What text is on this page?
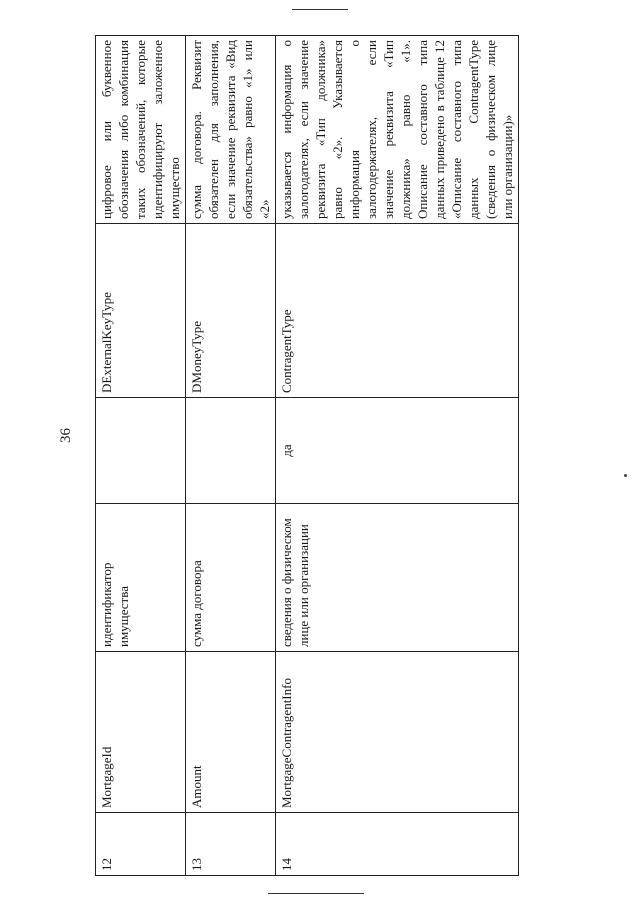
36
12	MortgageId	идентификатор имущества		DExternalKeyType	цифровое или буквенное обозначения либо комбинация таких обозначений, которые идентифицируют заложенное имущество
13	Amount	сумма договора		DMoneyType	сумма договора. Реквизит обязателен для заполнения, если значение реквизита «Вид обязательства» равно «1» или «2»
14	MortgageContragentInfo	сведения о физическом лице или организации	да	ContragentType	указывается информация о залогодателях, если значение реквизита «Тип должника» равно «2». Указывается информация о залогодержателях, если значение реквизита «Тип должника» равно «1». Описание составного типа данных приведено в таблице 12 «Описание составного типа данных ContragentType (сведения о физическом лице или организации)»
